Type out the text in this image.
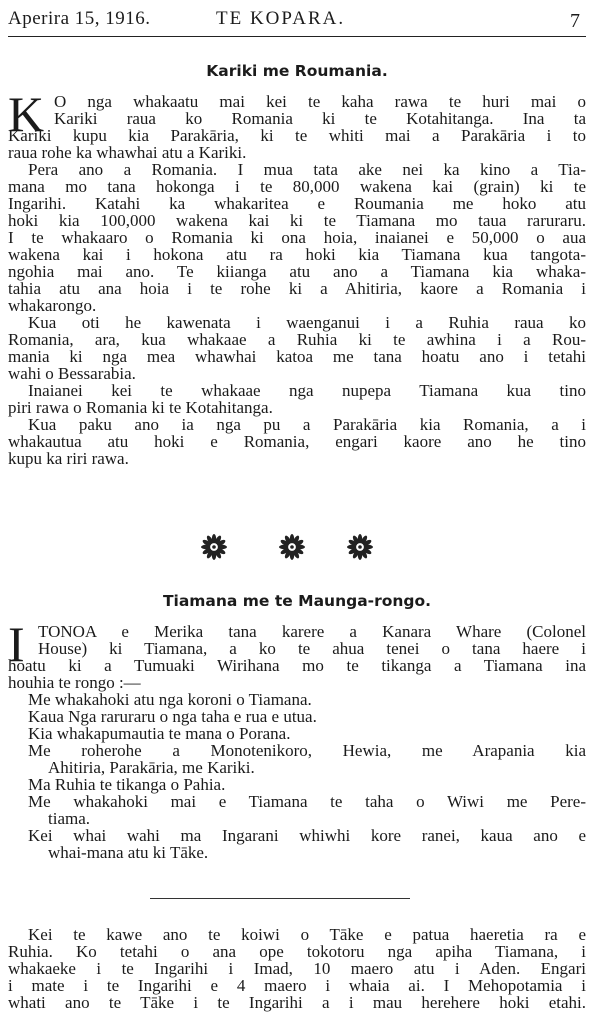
Aperira 15, 1916.	TE KOPARA.	7
Kariki me Roumania.
K O nga whakaatu mai kei te kaha rawa te huri mai o
Kariki raua ko Romania ki te Kotahitanga. Ina ta
Kariki kupu kia Parakāria, ki te whiti mai a Parakāria i to
raua rohe ka whawhai atu a Kariki.
Pera ano a Romania. I mua tata ake nei ka kino a Tia-
mana mo tana hokonga i te 80,000 wakena kai (grain) ki te
Ingarihi. Katahi ka whakaritea e Roumania me hoko atu
hoki kia 100,000 wakena kai ki te Tiamana mo taua raruraru.
I te whakaaro o Romania ki ona hoia, inaianei e 50,000 o aua
wakena kai i hokona atu ra hoki kia Tiamana kua tangota-
ngohia mai ano. Te kiianga atu ano a Tiamana kia whaka-
tahia atu ana hoia i te rohe ki a Ahitiria, kaore a Romania i
whakarongo.
Kua oti he kawenata i waenganui i a Ruhia raua ko
Romania, ara, kua whakaae a Ruhia ki te awhina i a Rou-
mania ki nga mea whawhai katoa me tana hoatu ano i tetahi
wahi o Bessarabia.
Inaianei kei te whakaae nga nupepa Tiamana kua tino
piri rawa o Romania ki te Kotahitanga.
Kua paku ano ia nga pu a Parakāria kia Romania, a i
whakautua atu hoki e Romania, engari kaore ano he tino
kupu ka riri rawa.
Tiamana me te Maunga-rongo.
I TONOA e Merika tana karere a Kanara Whare (Colonel
House) ki Tiamana, a ko te ahua tenei o tana haere i
hoatu ki a Tumuaki Wirihana mo te tikanga a Tiamana ina
houhia te rongo :—
Me whakahoki atu nga koroni o Tiamana.
Kaua Nga raruraru o nga taha e rua e utua.
Kia whakapumautia te mana o Porana.
Me roherohe a Monotenikoro, Hewia, me Arapania kia
Ahitiria, Parakāria, me Kariki.
Ma Ruhia te tikanga o Pahia.
Me whakahoki mai e Tiamana te taha o Wiwi me Pere-
tiama.
Kei whai wahi ma Ingarani whiwhi kore ranei, kaua ano e
whai-mana atu ki Tāke.
Kei te kawe ano te koiwi o Tāke e patua haeretia ra e
Ruhia. Ko tetahi o ana ope tokotoru nga apiha Tiamana, i
whakaeke i te Ingarihi i Imad, 10 maero atu i Aden. Engari
i mate i te Ingarihi e 4 maero i whaia ai. I Mehopotamia i
whati ano te Tāke i te Ingarihi a i mau herehere hoki etahi.
